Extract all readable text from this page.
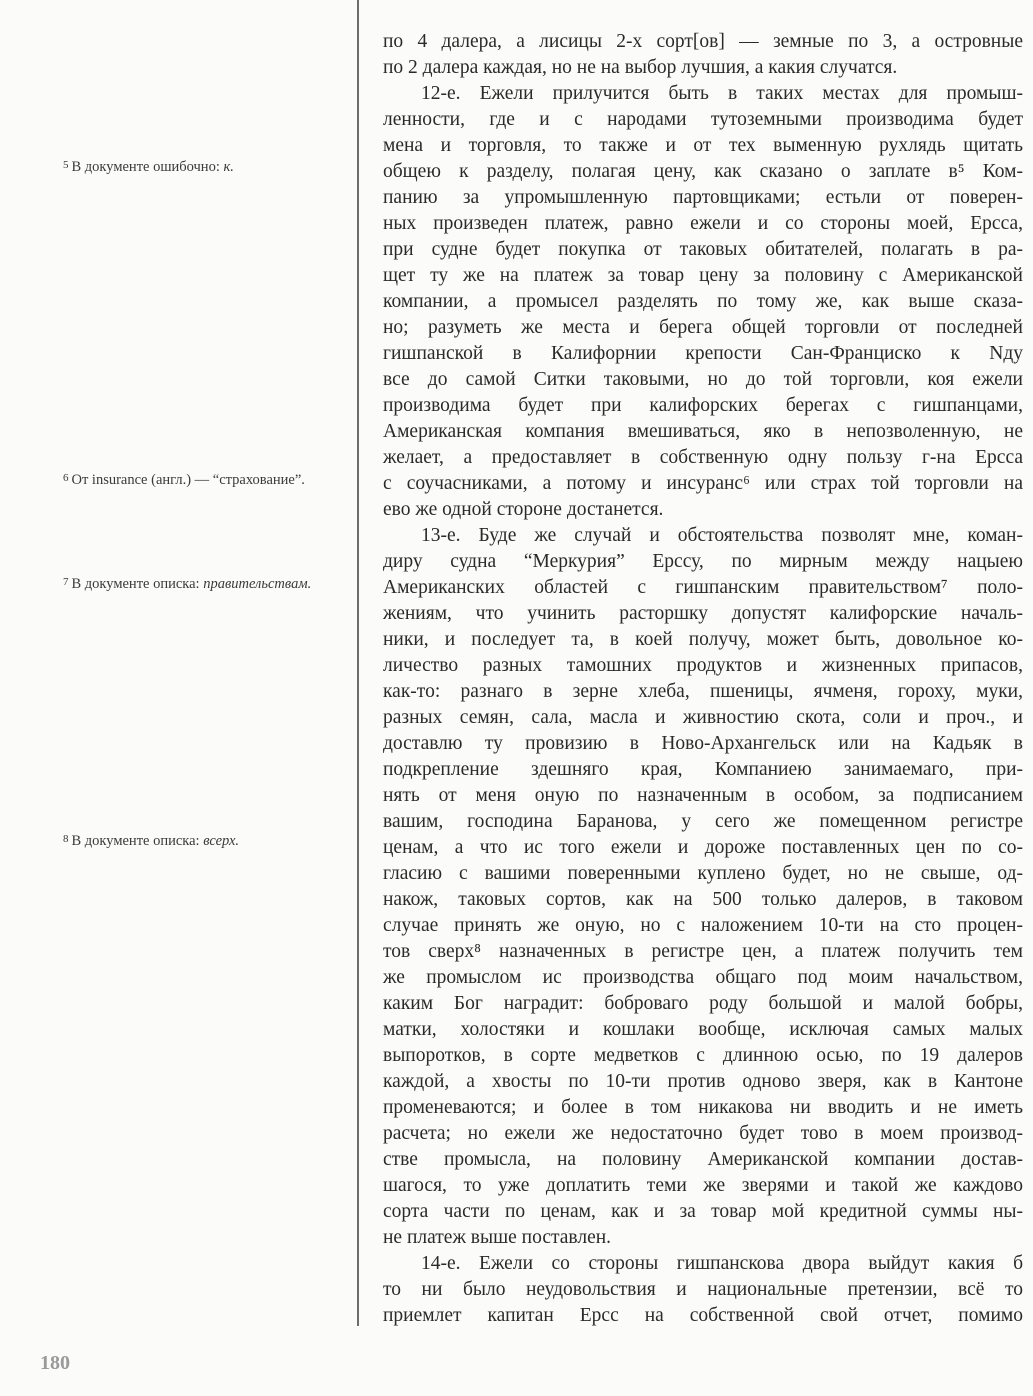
по 4 далера, а лисицы 2-х сорт[ов] — земные по 3, а островные
по 2 далера каждая, но не на выбор лучшия, а какия случатся.
12-е. Ежели прилучится быть в таких местах для промыш-
ленности, где и с народами тутоземными производима будет
мена и торговля, то также и от тех выменную рухлядь щитать
общею к разделу, полагая цену, как сказано о заплате в⁵ Ком-
панию за упромышленную партовщиками; естьли от поверен-
ных произведен платеж, равно ежели и со стороны моей, Ерсса,
при судне будет покупка от таковых обитателей, полагать в ра-
щет ту же на платеж за товар цену за половину с Американской
компании, а промысел разделять по тому же, как выше сказа-
но; разуметь же места и берега общей торговли от последней
гишпанской в Калифорнии крепости Сан-Франциско к Nду
все до самой Ситки таковыми, но до той торговли, коя ежели
производима будет при калифорских берегах с гишпанцами,
Американская компания вмешиваться, яко в непозволенную, не
желает, а предоставляет в собственную одну пользу г-на Ерсса
с соучасниками, а потому и инсуранс⁶ или страх той торговли на
ево же одной стороне достанется.
13-е. Буде же случай и обстоятельства позволят мне, коман-
диру судна “Меркурия” Ерссу, по мирным между нацыею
Американских областей с гишпанским правительством⁷ поло-
жениям, что учинить расторшку допустят калифорские началь-
ники, и последует та, в коей получу, может быть, довольное ко-
личество разных тамошних продуктов и жизненных припасов,
как-то: разнаго в зерне хлеба, пшеницы, ячменя, гороху, муки,
разных семян, сала, масла и живностию скота, соли и проч., и
доставлю ту провизию в Ново-Архангельск или на Кадьяк в
подкрепление здешняго края, Компаниею занимаемаго, при-
нять от меня оную по назначенным в особом, за подписанием
вашим, господина Баранова, у сего же помещенном регистре
ценам, а что ис того ежели и дороже поставленных цен по со-
гласию с вашими поверенными куплено будет, но не свыше, од-
накож, таковых сортов, как на 500 только далеров, в таковом
случае принять же оную, но с наложением 10-ти на сто процен-
тов сверх⁸ назначенных в регистре цен, а платеж получить тем
же промыслом ис производства общаго под моим начальством,
каким Бог наградит: боброваго роду большой и малой бобры,
матки, холостяки и кошлаки вообще, исключая самых малых
выпоротков, в сорте медветков с длинною осью, по 19 далеров
каждой, а хвосты по 10-ти против одново зверя, как в Кантоне
променеваются; и более в том никакова ни вводить и не иметь
расчета; но ежели же недостаточно будет тово в моем производ-
стве промысла, на половину Американской компании достав-
шагося, то уже доплатить теми же зверями и такой же каждово
сорта части по ценам, как и за товар мой кредитной суммы ны-
не платеж выше поставлен.
14-е. Ежели со стороны гишпанскова двора выйдут какия б
то ни было неудовольствия и национальные претензии, всё то
приемлет капитан Ерсс на собственной свой отчет, помимо
$^5$ В документе ошибочно: к.
$^6$ От insurance (англ.) — “страхование”.
$^7$ В документе описка: правительствам.
$^8$ В документе описка: всерх.
180
